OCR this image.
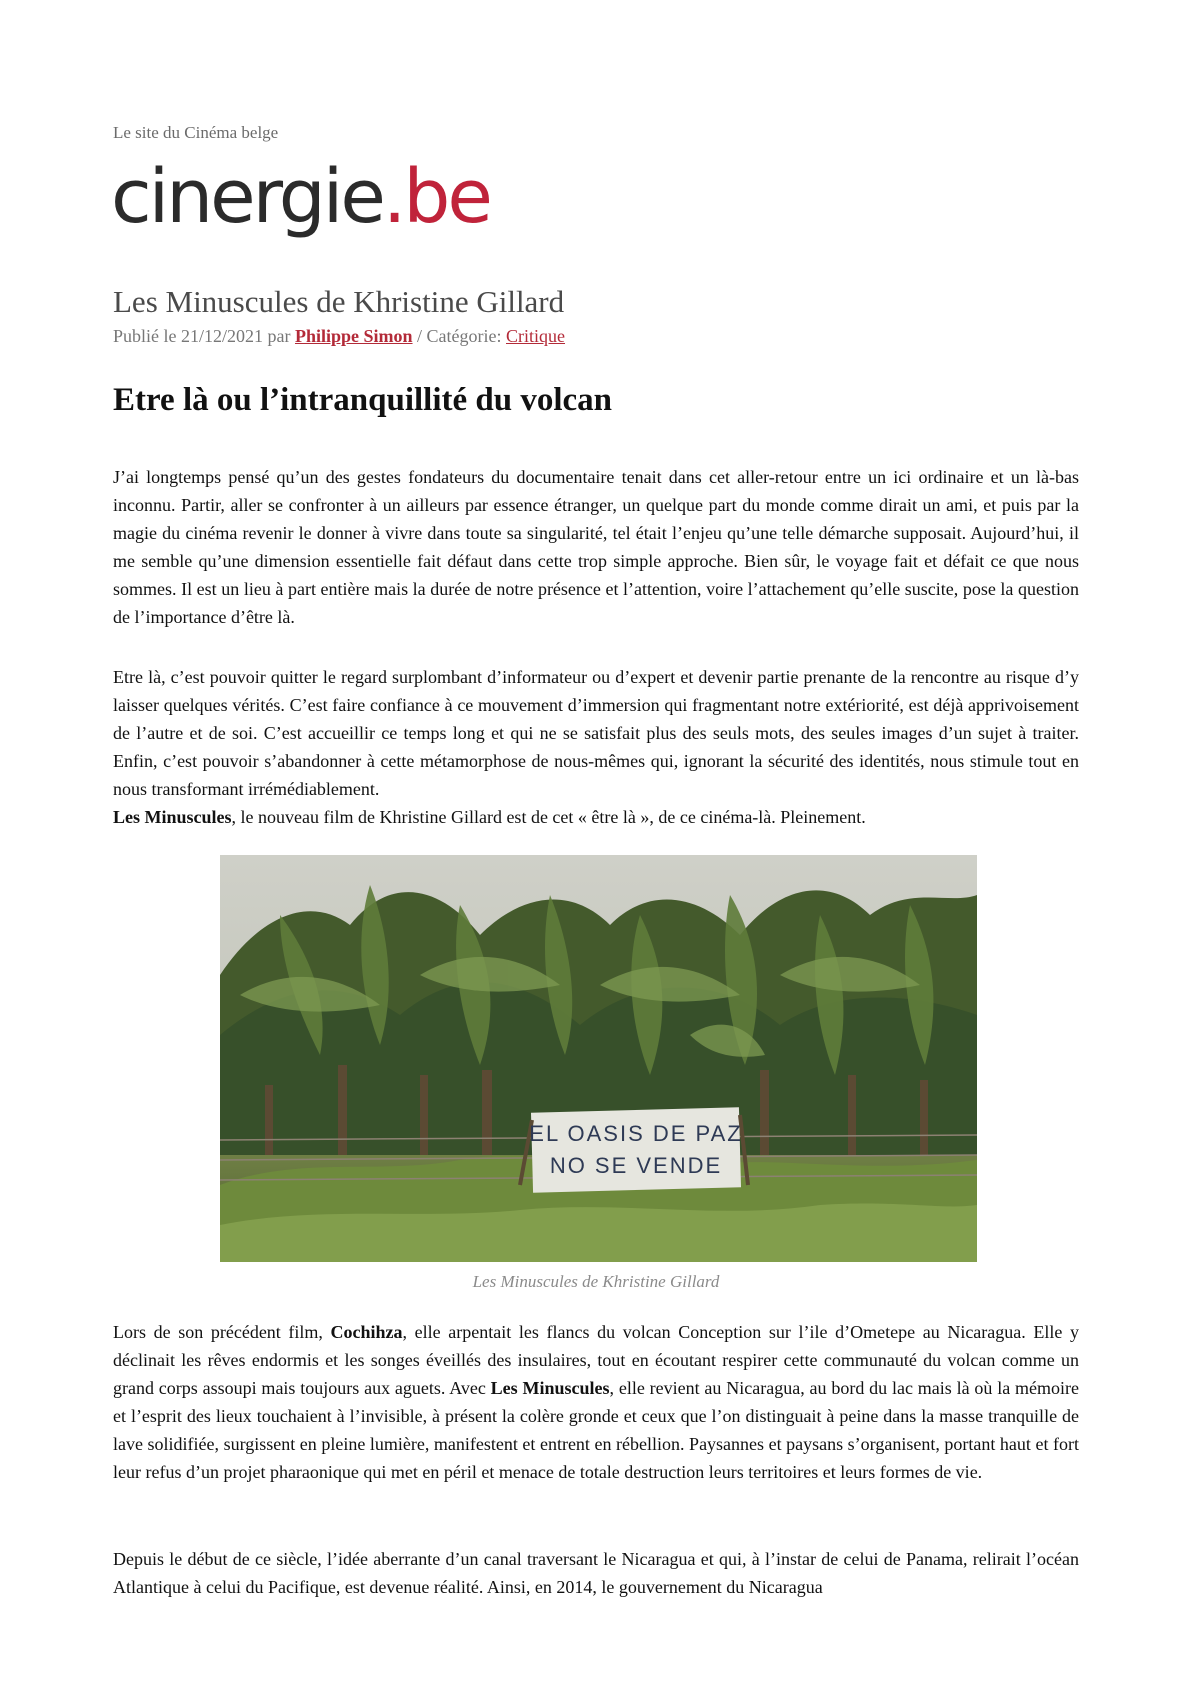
Le site du Cinéma belge
cinergie.be
Les Minuscules de Khristine Gillard
Publié le 21/12/2021 par Philippe Simon / Catégorie: Critique
Etre là ou l’intranquillité du volcan

J’ai longtemps pensé qu’un des gestes fondateurs du documentaire tenait dans cet aller-retour entre un ici ordinaire et un là-bas inconnu. Partir, aller se confronter à un ailleurs par essence étranger, un quelque part du monde comme dirait un ami, et puis par la magie du cinéma revenir le donner à vivre dans toute sa singularité, tel était l’enjeu qu’une telle démarche supposait. Aujourd’hui, il me semble qu’une dimension essentielle fait défaut dans cette trop simple approche. Bien sûr, le voyage fait et défait ce que nous sommes. Il est un lieu à part entière mais la durée de notre présence et l’attention, voire l’attachement qu’elle suscite, pose la question de l’importance d’être là.

Etre là, c’est pouvoir quitter le regard surplombant d’informateur ou d’expert et devenir partie prenante de la rencontre au risque d’y laisser quelques vérités. C’est faire confiance à ce mouvement d’immersion qui fragmentant notre extériorité, est déjà apprivoisement de l’autre et de soi. C’est accueillir ce temps long et qui ne se satisfait plus des seuls mots, des seules images d’un sujet à traiter. Enfin, c’est pouvoir s’abandonner à cette métamorphose de nous-mêmes qui, ignorant la sécurité des identités, nous stimule tout en nous transformant irrémédiablement.

Les Minuscules, le nouveau film de Khristine Gillard est de cet « être là », de ce cinéma-là. Pleinement.

EL OASIS DE PAZ
NO SE VENDE
Les Minuscules de Khristine Gillard

Lors de son précédent film, Cochihza, elle arpentait les flancs du volcan Conception sur l’ile d’Ometepe au Nicaragua. Elle y déclinait les rêves endormis et les songes éveillés des insulaires, tout en écoutant respirer cette communauté du volcan comme un grand corps assoupi mais toujours aux aguets. Avec Les Minuscules, elle revient au Nicaragua, au bord du lac mais là où la mémoire et l’esprit des lieux touchaient à l’invisible, à présent la colère gronde et ceux que l’on distinguait à peine dans la masse tranquille de lave solidifiée, surgissent en pleine lumière, manifestent et entrent en rébellion. Paysannes et paysans s’organisent, portant haut et fort leur refus d’un projet pharaonique qui met en péril et menace de totale destruction leurs territoires et leurs formes de vie.

Depuis le début de ce siècle, l’idée aberrante d’un canal traversant le Nicaragua et qui, à l’instar de celui de Panama, relirait l’océan Atlantique à celui du Pacifique, est devenue réalité. Ainsi, en 2014, le gouvernement du Nicaragua
